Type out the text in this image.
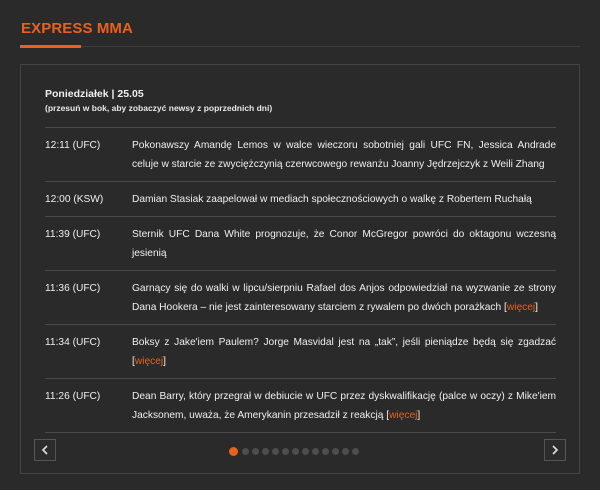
EXPRESS MMA
Poniedziałek | 25.05
(przesuń w bok, aby zobaczyć newsy z poprzednich dni)
12:11 (UFC)	Pokonawszy Amandę Lemos w walce wieczoru sobotniej gali UFC FN, Jessica Andrade celuje w starcie ze zwyciężczynią czerwcowego rewanżu Joanny Jędrzejczyk z Weili Zhang
12:00 (KSW)	Damian Stasiak zaapelował w mediach społecznościowych o walkę z Robertem Ruchałą
11:39 (UFC)	Sternik UFC Dana White prognozuje, że Conor McGregor powróci do oktagonu wczesną jesienią
11:36 (UFC)	Garnący się do walki w lipcu/sierpniu Rafael dos Anjos odpowiedział na wyzwanie ze strony Dana Hookera – nie jest zainteresowany starciem z rywalem po dwóch porażkach [więcej]
11:34 (UFC)	Boksy z Jake'iem Paulem? Jorge Masvidal jest na „tak”, jeśli pieniądze będą się zgadzać [więcej]
11:26 (UFC)	Dean Barry, który przegrał w debiucie w UFC przez dyskwalifikację (palce w oczy) z Mike'iem Jacksonem, uważa, że Amerykanin przesadził z reakcją [więcej]
